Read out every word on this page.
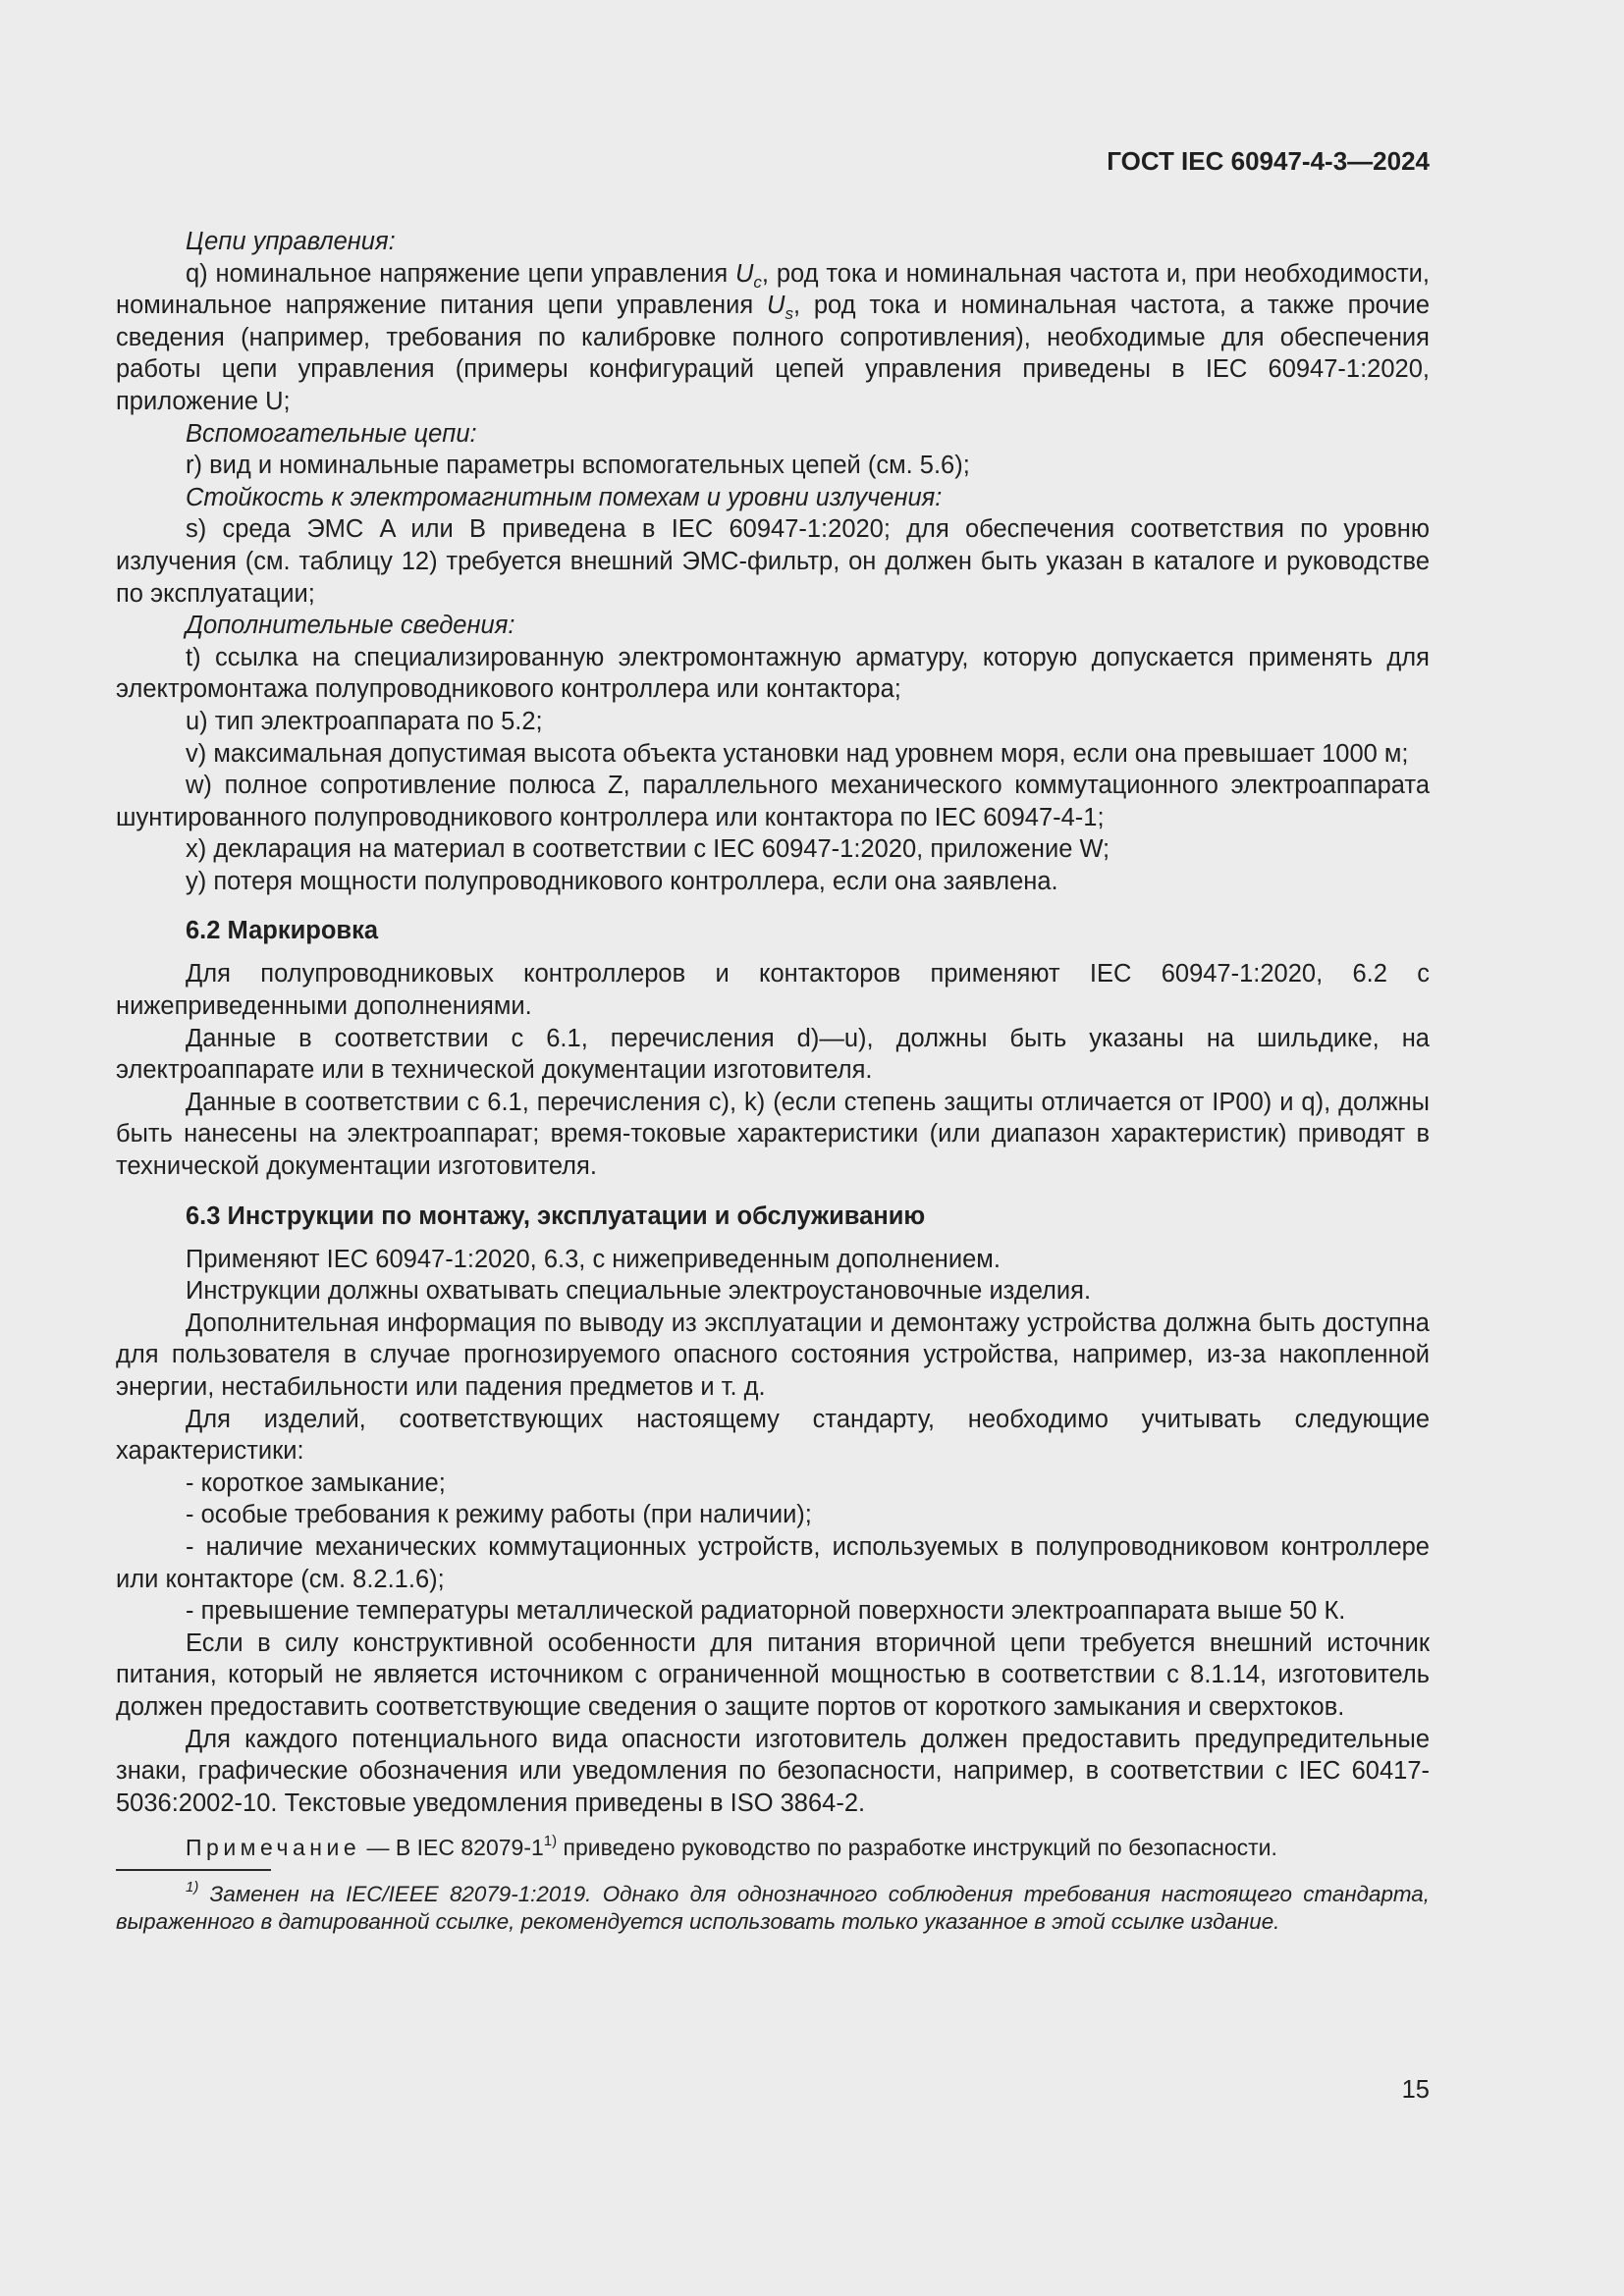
ГОСТ IEC 60947-4-3—2024

Цепи управления:

q) номинальное напряжение цепи управления $U_c$, род тока и номинальная частота и, при необходимости, номинальное напряжение питания цепи управления $U_s$, род тока и номинальная частота, а также прочие сведения (например, требования по калибровке полного сопротивления), необходимые для обеспечения работы цепи управления (примеры конфигураций цепей управления приведены в IEC 60947-1:2020, приложение U;

Вспомогательные цепи:

r) вид и номинальные параметры вспомогательных цепей (см. 5.6);

Стойкость к электромагнитным помехам и уровни излучения:

s) среда ЭМС A или B приведена в IEC 60947-1:2020; для обеспечения соответствия по уровню излучения (см. таблицу 12) требуется внешний ЭМС-фильтр, он должен быть указан в каталоге и руководстве по эксплуатации;

Дополнительные сведения:

t) ссылка на специализированную электромонтажную арматуру, которую допускается применять для электромонтажа полупроводникового контроллера или контактора;

u) тип электроаппарата по 5.2;

v) максимальная допустимая высота объекта установки над уровнем моря, если она превышает 1000 м;

w) полное сопротивление полюса Z, параллельного механического коммутационного электроаппарата шунтированного полупроводникового контроллера или контактора по IEC 60947-4-1;

x) декларация на материал в соответствии с IEC 60947-1:2020, приложение W;

y) потеря мощности полупроводникового контроллера, если она заявлена.

6.2 Маркировка

Для полупроводниковых контроллеров и контакторов применяют IEC 60947-1:2020, 6.2 с нижеприведенными дополнениями.

Данные в соответствии с 6.1, перечисления d)—u), должны быть указаны на шильдике, на электроаппарате или в технической документации изготовителя.

Данные в соответствии с 6.1, перечисления c), k) (если степень защиты отличается от IP00) и q), должны быть нанесены на электроаппарат; время-токовые характеристики (или диапазон характеристик) приводят в технической документации изготовителя.

6.3 Инструкции по монтажу, эксплуатации и обслуживанию

Применяют IEC 60947-1:2020, 6.3, с нижеприведенным дополнением.

Инструкции должны охватывать специальные электроустановочные изделия.

Дополнительная информация по выводу из эксплуатации и демонтажу устройства должна быть доступна для пользователя в случае прогнозируемого опасного состояния устройства, например, из-за накопленной энергии, нестабильности или падения предметов и т. д.

Для изделий, соответствующих настоящему стандарту, необходимо учитывать следующие характеристики:

- короткое замыкание;

- особые требования к режиму работы (при наличии);

- наличие механических коммутационных устройств, используемых в полупроводниковом контроллере или контакторе (см. 8.2.1.6);

- превышение температуры металлической радиаторной поверхности электроаппарата выше 50 К.

Если в силу конструктивной особенности для питания вторичной цепи требуется внешний источник питания, который не является источником с ограниченной мощностью в соответствии с 8.1.14, изготовитель должен предоставить соответствующие сведения о защите портов от короткого замыкания и сверхтоков.

Для каждого потенциального вида опасности изготовитель должен предоставить предупредительные знаки, графические обозначения или уведомления по безопасности, например, в соответствии с IEC 60417-5036:2002-10. Текстовые уведомления приведены в ISO 3864-2.

Примечание — В IEC 82079-1$^{1)}$ приведено руководство по разработке инструкций по безопасности.

$^{1)}$ Заменен на IEC/IEEE 82079-1:2019. Однако для однозначного соблюдения требования настоящего стандарта, выраженного в датированной ссылке, рекомендуется использовать только указанное в этой ссылке издание.

15
